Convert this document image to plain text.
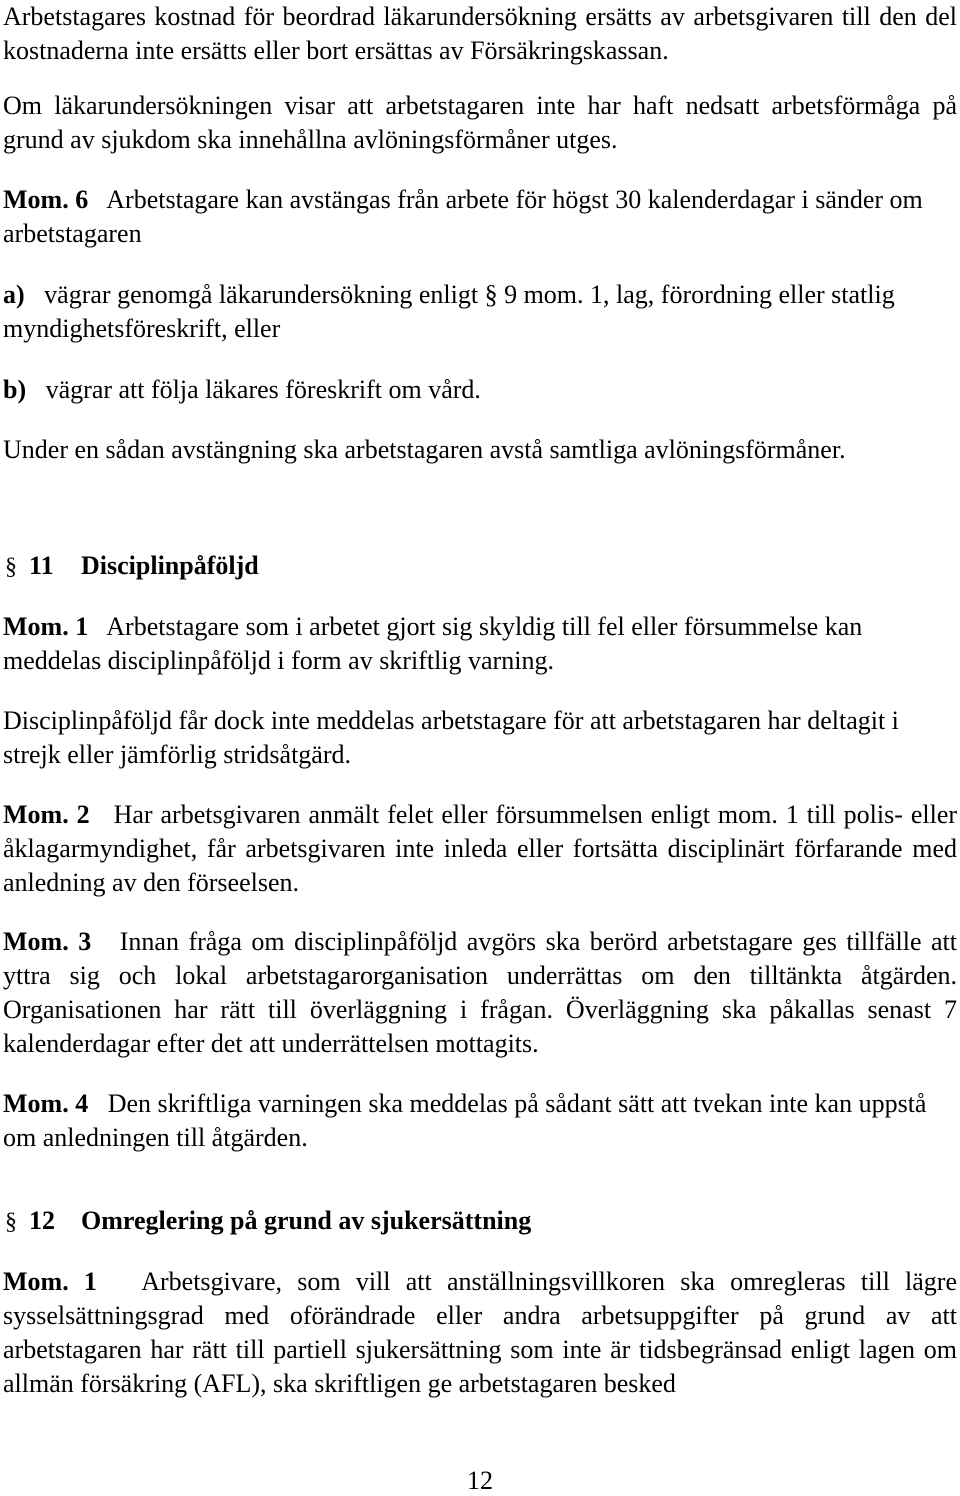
Arbetstagares kostnad för beordrad läkarundersökning ersätts av arbetsgivaren till den del kostnaderna inte ersätts eller bort ersättas av Försäkringskassan.

Om läkarundersökningen visar att arbetstagaren inte har haft nedsatt arbetsförmåga på grund av sjukdom ska innehållna avlöningsförmåner utges.

Mom. 6 Arbetstagare kan avstängas från arbete för högst 30 kalenderdagar i sänder om arbetstagaren

a) vägrar genomgå läkarundersökning enligt § 9 mom. 1, lag, förordning eller statlig myndighetsföreskrift, eller

b) vägrar att följa läkares föreskrift om vård.

Under en sådan avstängning ska arbetstagaren avstå samtliga avlöningsförmåner.

§ 11 Disciplinpåföljd

Mom. 1 Arbetstagare som i arbetet gjort sig skyldig till fel eller försummelse kan meddelas disciplinpåföljd i form av skriftlig varning.

Disciplinpåföljd får dock inte meddelas arbetstagare för att arbetstagaren har deltagit i strejk eller jämförlig stridsåtgärd.

Mom. 2 Har arbetsgivaren anmält felet eller försummelsen enligt mom. 1 till polis- eller åklagarmyndighet, får arbetsgivaren inte inleda eller fortsätta disciplinärt förfarande med anledning av den förseelsen.

Mom. 3 Innan fråga om disciplinpåföljd avgörs ska berörd arbetstagare ges tillfälle att yttra sig och lokal arbetstagarorganisation underrättas om den tilltänkta åtgärden. Organisationen har rätt till överläggning i frågan. Överläggning ska påkallas senast 7 kalenderdagar efter det att underrättelsen mottagits.

Mom. 4 Den skriftliga varningen ska meddelas på sådant sätt att tvekan inte kan uppstå om anledningen till åtgärden.

§ 12 Omreglering på grund av sjukersättning

Mom. 1 Arbetsgivare, som vill att anställningsvillkoren ska omregleras till lägre sysselsättningsgrad med oförändrade eller andra arbetsuppgifter på grund av att arbetstagaren har rätt till partiell sjukersättning som inte är tidsbegränsad enligt lagen om allmän försäkring (AFL), ska skriftligen ge arbetstagaren besked

12
